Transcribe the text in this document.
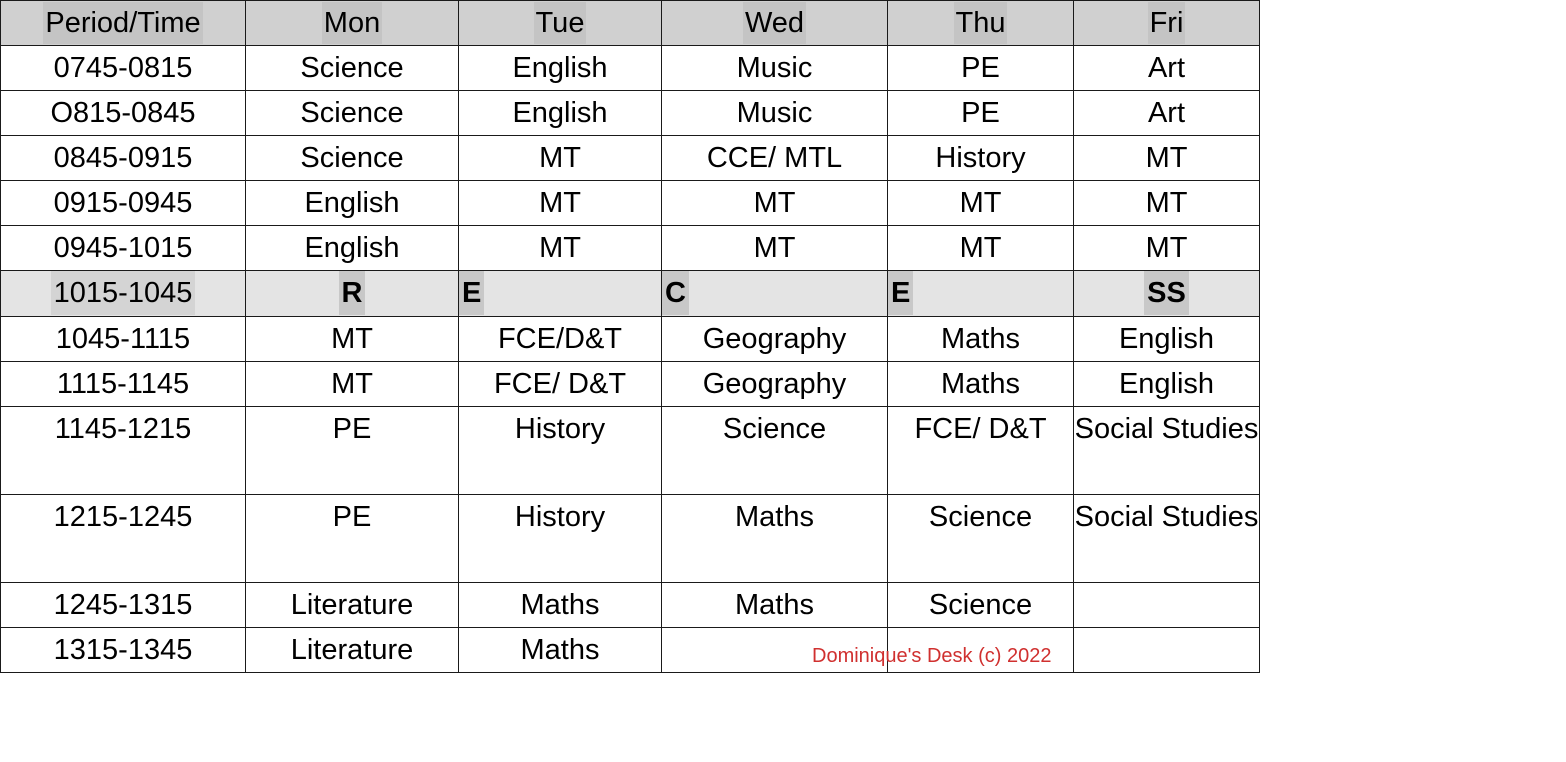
Period/Time	Mon	Tue	Wed	Thu	Fri
0745-0815	Science	English	Music	PE	Art
O815-0845	Science	English	Music	PE	Art
0845-0915	Science	MT	CCE/ MTL	History	MT
0915-0945	English	MT	MT	MT	MT
0945-1015	English	MT	MT	MT	MT
1015-1045	R	E	C	E	SS
1045-1115	MT	FCE/D&T	Geography	Maths	English
1115-1145	MT	FCE/ D&T	Geography	Maths	English
1145-1215	PE	History	Science	FCE/ D&T	Social Studies
1215-1245	PE	History	Maths	Science	Social Studies
1245-1315	Literature	Maths	Maths	Science	
1315-1345	Literature	Maths				Dominique's Desk (c) 2022
